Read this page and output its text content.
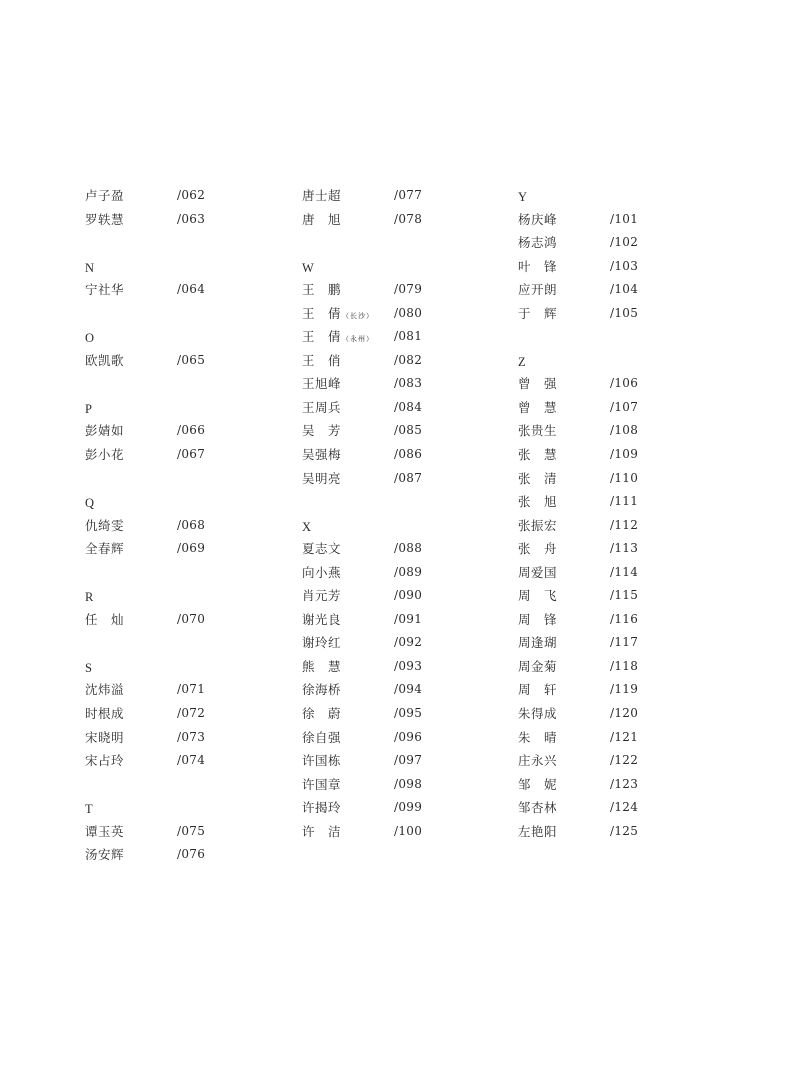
卢子盈	/062
罗轶慧	/063
N
宁社华	/064
O
欧凯歌	/065
P
彭婧如	/066
彭小花	/067
Q
仇绮雯	/068
全春辉	/069
R
任　灿	/070
S
沈炜溢	/071
时根成	/072
宋晓明	/073
宋占玲	/074
T
谭玉英	/075
汤安辉	/076
唐士超	/077
唐　旭	/078
W
王　鹏	/079
王　倩（长沙） /080
王　倩（永州） /081
王　俏	/082
王旭峰	/083
王周兵	/084
吴　芳	/085
吴强梅	/086
吴明亮	/087
X
夏志文	/088
向小燕	/089
肖元芳	/090
谢光良	/091
谢玲红	/092
熊　慧	/093
徐海桥	/094
徐　蔚	/095
徐自强	/096
许国栋	/097
许国章	/098
许揭玲	/099
许　洁	/100
Y
杨庆峰	/101
杨志鸿	/102
叶　锋	/103
应开朗	/104
于　辉	/105
Z
曾　强	/106
曾　慧	/107
张贵生	/108
张　慧	/109
张　清	/110
张　旭	/111
张振宏	/112
张　舟	/113
周爱国	/114
周　飞	/115
周　锋	/116
周逢瑚	/117
周金菊	/118
周　轩	/119
朱得成	/120
朱　晴	/121
庄永兴	/122
邹　妮	/123
邹杏林	/124
左艳阳	/125
